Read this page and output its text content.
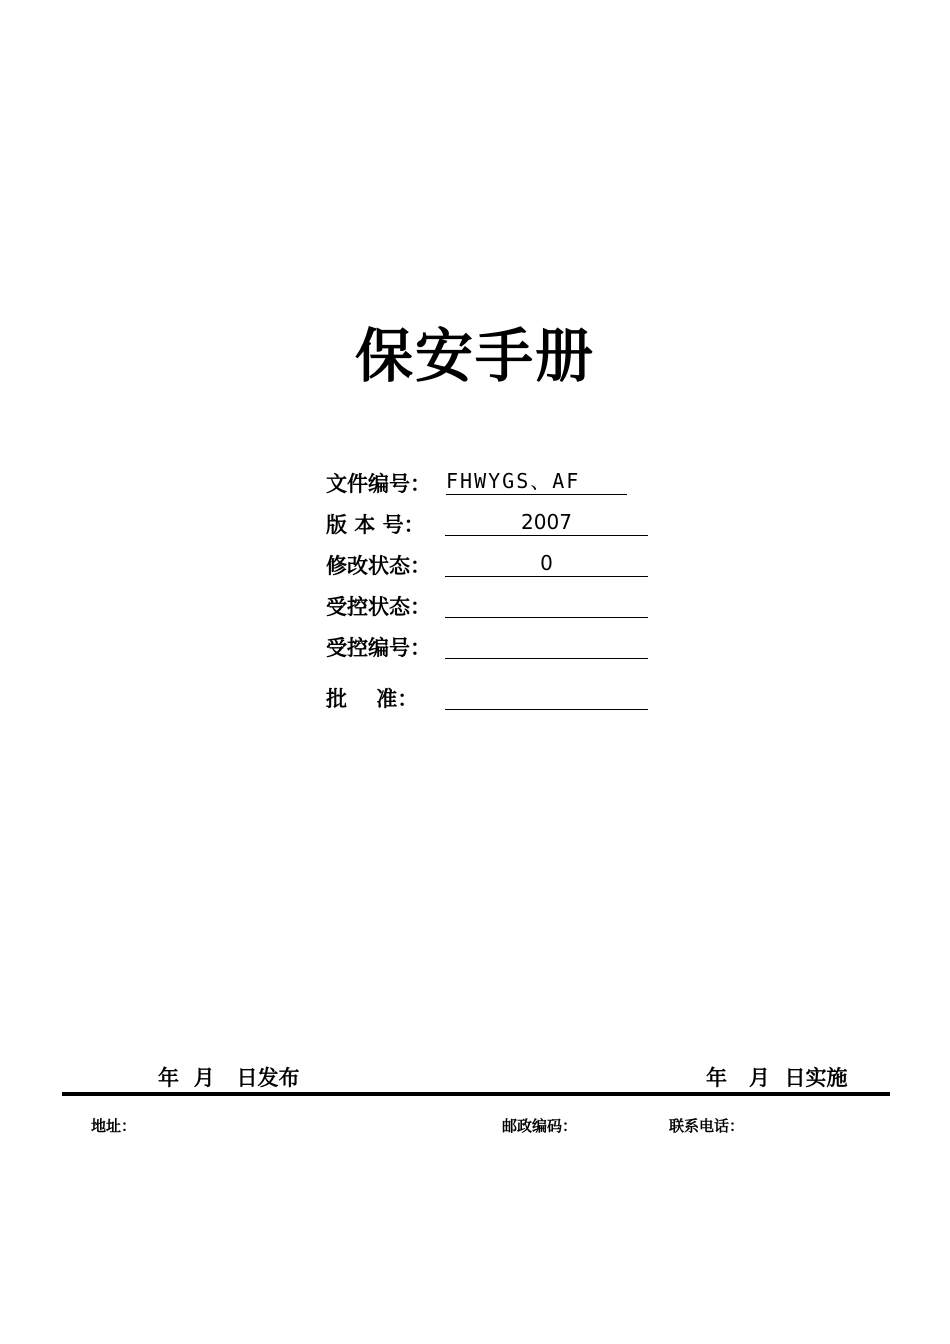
保安手册
文件编号： FHWYGS、AF
版 本 号：	2007
修改状态：	0
受控状态：
受控编号：
批    准：
年  月   日发布	年   月  日实施
地址：	邮政编码：	联系电话：
